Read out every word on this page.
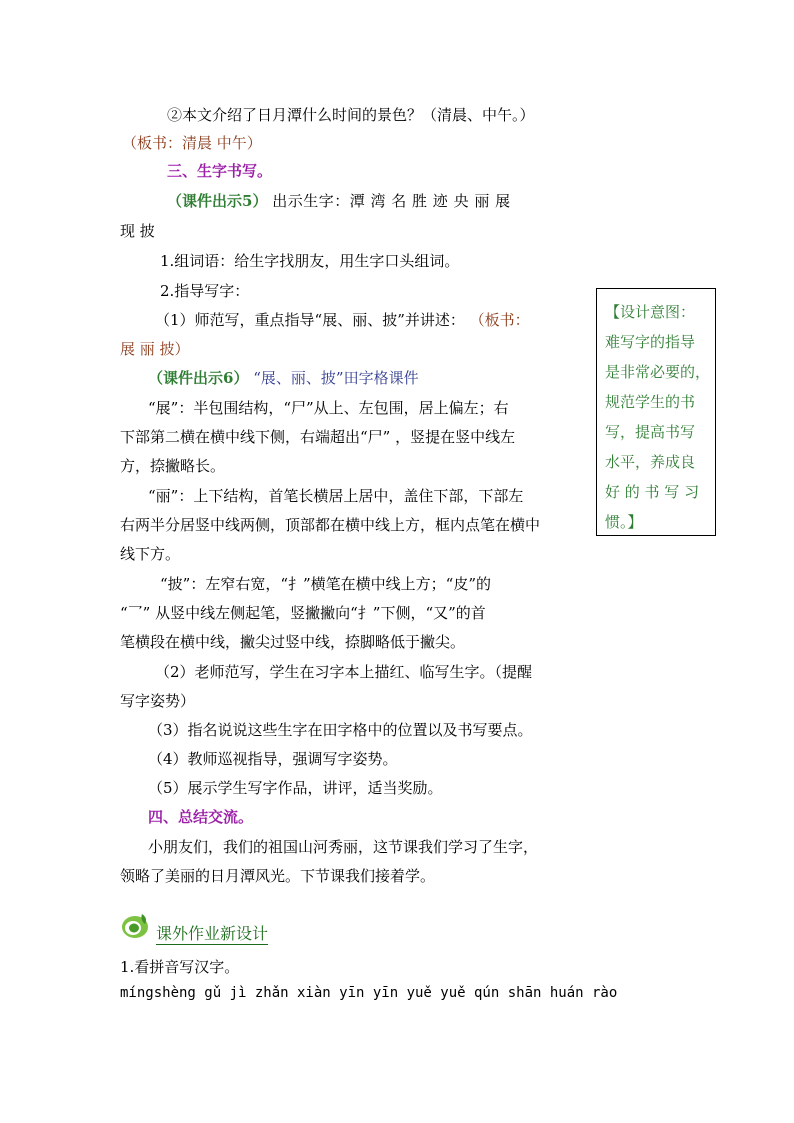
②本文介绍了日月潭什么时间的景色？（清晨、中午。）
（板书：清晨 中午）
三、生字书写。
（课件出示5） 出示生字：潭 湾 名 胜 迹 央 丽 展
现 披
1.组词语：给生字找朋友，用生字口头组词。
2.指导写字：
（1）师范写，重点指导“展、丽、披”并讲述： （板书：
展 丽 披）
（课件出示6） “展、丽、披”田字格课件
“展”：半包围结构，“尸”从上、左包围，居上偏左；右
下部第二横在横中线下侧，右端超出“尸” ，竖提在竖中线左
方，捺撇略长。
“丽”：上下结构，首笔长横居上居中，盖住下部，下部左
右两半分居竖中线两侧，顶部都在横中线上方，框内点笔在横中
线下方。
“披”：左窄右宽，“扌”横笔在横中线上方；“皮”的
“乛” 从竖中线左侧起笔，竖撇撇向“扌”下侧，“又”的首
笔横段在横中线，撇尖过竖中线，捺脚略低于撇尖。
（2）老师范写，学生在习字本上描红、临写生字。（提醒
写字姿势）
（3）指名说说这些生字在田字格中的位置以及书写要点。
（4）教师巡视指导，强调写字姿势。
（5）展示学生写字作品，讲评，适当奖励。
四、总结交流。
小朋友们，我们的祖国山河秀丽，这节课我们学习了生字，
领略了美丽的日月潭风光。下节课我们接着学。
【设计意图：
难写字的指导
是非常必要的，
规范学生的书
写，提高书写
水平，养成良
好 的 书 写 习
惯。】
课外作业新设计
1.看拼音写汉字。
míngshèng gǔ jì zhǎn xiàn yīn yīn yuě yuě qún shān huán rào
